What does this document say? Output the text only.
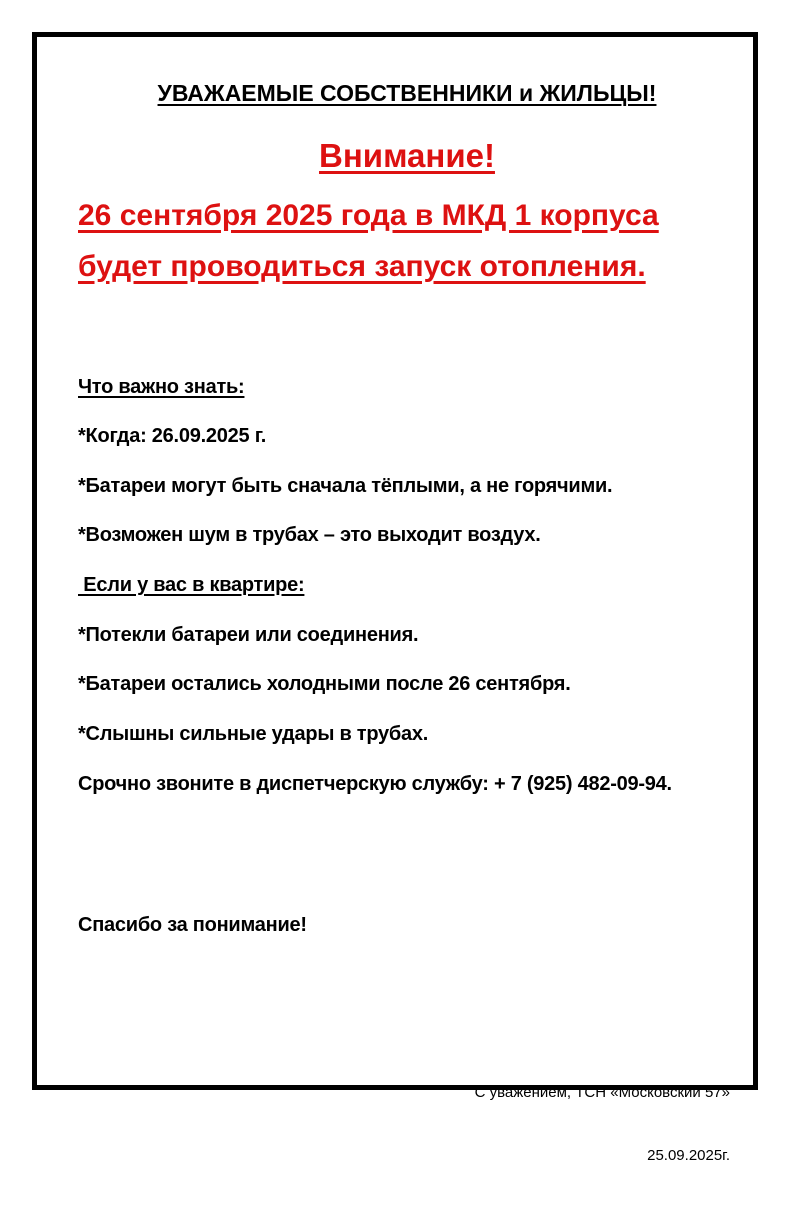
УВАЖАЕМЫЕ СОБСТВЕННИКИ и ЖИЛЬЦЫ!
Внимание!
26 сентября 2025 года в МКД 1 корпуса
будет проводиться запуск отопления.
Что важно знать:
*Когда: 26.09.2025 г.
*Батареи могут быть сначала тёплыми, а не горячими.
*Возможен шум в трубах – это выходит воздух.
Если у вас в квартире:
*Потекли батареи или соединения.
*Батареи остались холодными после 26 сентября.
*Слышны сильные удары в трубах.
Срочно звоните в диспетчерскую службу: + 7 (925) 482-09-94.
Спасибо за понимание!

С уважением, ТСН «Московский 57»

25.09.2025г.
